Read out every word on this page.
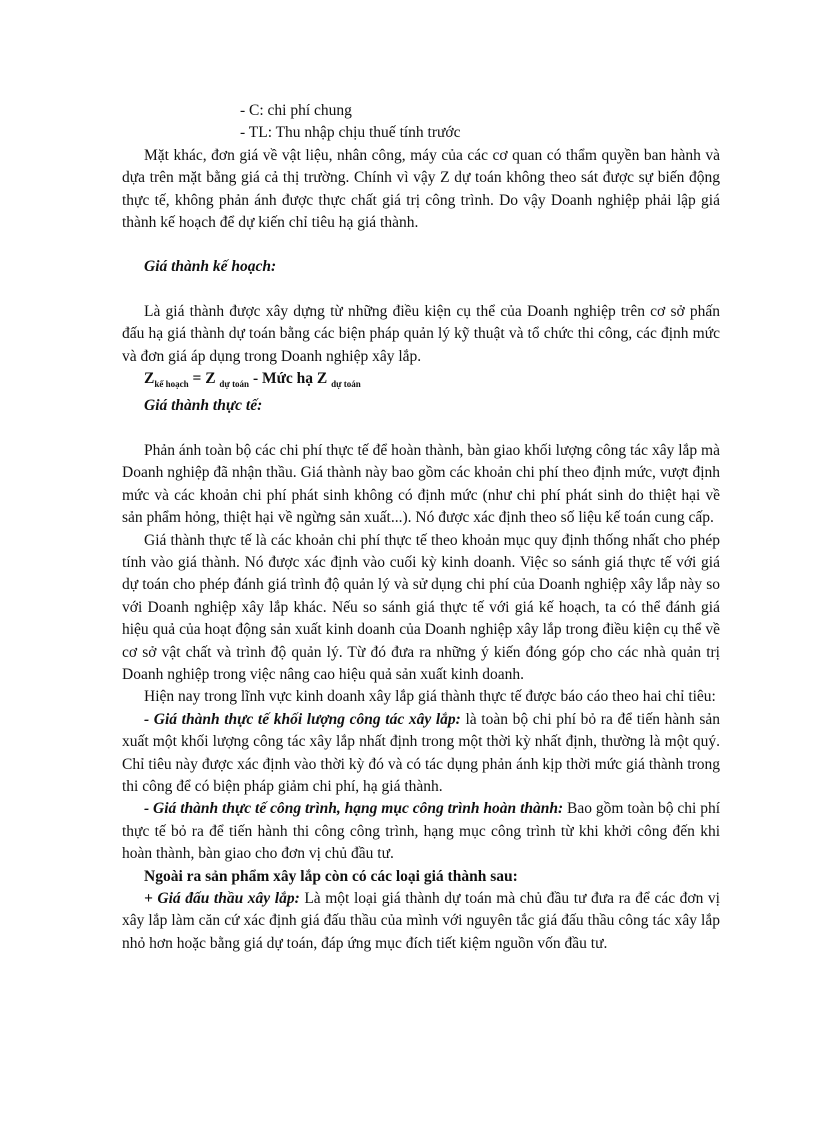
- C: chi phí chung

- TL: Thu nhập chịu thuế tính trước

Mặt khác, đơn giá về vật liệu, nhân công, máy của các cơ quan có thẩm quyền ban hành và dựa trên mặt bằng giá cả thị trường. Chính vì vậy Z dự toán không theo sát được sự biến động thực tế, không phản ánh được thực chất giá trị công trình. Do vậy Doanh nghiệp phải lập giá thành kế hoạch để dự kiến chỉ tiêu hạ giá thành.

Giá thành kế hoạch:

Là giá thành được xây dựng từ những điều kiện cụ thể của Doanh nghiệp trên cơ sở phấn đấu hạ giá thành dự toán bằng các biện pháp quản lý kỹ thuật và tổ chức thi công, các định mức và đơn giá áp dụng trong Doanh nghiệp xây lắp.

$Z_{kế hoạch} = Z$ $_{dự toán}$ - Mức hạ Z $_{dự toán}$

Giá thành thực tế:

Phản ánh toàn bộ các chi phí thực tế để hoàn thành, bàn giao khối lượng công tác xây lắp mà Doanh nghiệp đã nhận thầu. Giá thành này bao gồm các khoản chi phí theo định mức, vượt định mức và các khoản chi phí phát sinh không có định mức (như chi phí phát sinh do thiệt hại về sản phẩm hỏng, thiệt hại về ngừng sản xuất...). Nó được xác định theo số liệu kế toán cung cấp.

Giá thành thực tế là các khoản chi phí thực tế theo khoản mục quy định thống nhất cho phép tính vào giá thành. Nó được xác định vào cuối kỳ kinh doanh. Việc so sánh giá thực tế với giá dự toán cho phép đánh giá trình độ quản lý và sử dụng chi phí của Doanh nghiệp xây lắp này so với Doanh nghiệp xây lắp khác. Nếu so sánh giá thực tế với giá kế hoạch, ta có thể đánh giá hiệu quả của hoạt động sản xuất kinh doanh của Doanh nghiệp xây lắp trong điều kiện cụ thể về cơ sở vật chất và trình độ quản lý. Từ đó đưa ra những ý kiến đóng góp cho các nhà quản trị Doanh nghiệp trong việc nâng cao hiệu quả sản xuất kinh doanh.

Hiện nay trong lĩnh vực kinh doanh xây lắp giá thành thực tế được báo cáo theo hai chỉ tiêu:

- Giá thành thực tế khối lượng công tác xây lắp: là toàn bộ chi phí bỏ ra để tiến hành sản xuất một khối lượng công tác xây lắp nhất định trong một thời kỳ nhất định, thường là một quý. Chỉ tiêu này được xác định vào thời kỳ đó và có tác dụng phản ánh kịp thời mức giá thành trong thi công để có biện pháp giảm chi phí, hạ giá thành.

- Giá thành thực tế công trình, hạng mục công trình hoàn thành: Bao gồm toàn bộ chi phí thực tế bỏ ra để tiến hành thi công công trình, hạng mục công trình từ khi khởi công đến khi hoàn thành, bàn giao cho đơn vị chủ đầu tư.

Ngoài ra sản phẩm xây lắp còn có các loại giá thành sau:

+ Giá đấu thầu xây lắp: Là một loại giá thành dự toán mà chủ đầu tư đưa ra để các đơn vị xây lắp làm căn cứ xác định giá đấu thầu của mình với nguyên tắc giá đấu thầu công tác xây lắp nhỏ hơn hoặc bằng giá dự toán, đáp ứng mục đích tiết kiệm nguồn vốn đầu tư.
